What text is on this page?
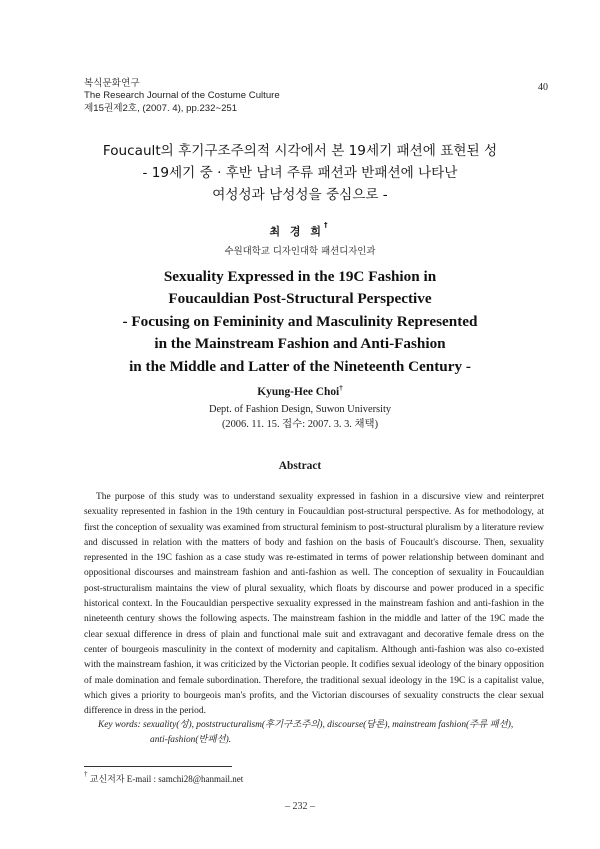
복식문화연구
The Research Journal of the Costume Culture
제15권제2호, (2007. 4), pp.232~251
40
Foucault의 후기구조주의적 시각에서 본 19세기 패션에 표현된 성
- 19세기 중 · 후반 남녀 주류 패션과 반패션에 나타난
여성성과 남성성을 중심으로 -
최 경 희†
수원대학교 디자인대학 패션디자인과
Sexuality Expressed in the 19C Fashion in
Foucauldian Post-Structural Perspective
- Focusing on Femininity and Masculinity Represented
in the Mainstream Fashion and Anti-Fashion
in the Middle and Latter of the Nineteenth Century -
Kyung-Hee Choi†
Dept. of Fashion Design, Suwon University
(2006. 11. 15. 접수: 2007. 3. 3. 채택)
Abstract

The purpose of this study was to understand sexuality expressed in fashion in a discursive view and reinterpret sexuality represented in fashion in the 19th century in Foucauldian post-structural perspective. As for methodology, at first the conception of sexuality was examined from structural feminism to post-structural pluralism by a literature review and discussed in relation with the matters of body and fashion on the basis of Foucault's discourse. Then, sexuality represented in the 19C fashion as a case study was re-estimated in terms of power relationship between dominant and oppositional discourses and mainstream fashion and anti-fashion as well. The conception of sexuality in Foucauldian post-structuralism maintains the view of plural sexuality, which floats by discourse and power produced in a specific historical context. In the Foucauldian perspective sexuality expressed in the mainstream fashion and anti-fashion in the nineteenth century shows the following aspects. The mainstream fashion in the middle and latter of the 19C made the clear sexual difference in dress of plain and functional male suit and extravagant and decorative female dress on the center of bourgeois masculinity in the context of modernity and capitalism. Although anti-fashion was also co-existed with the mainstream fashion, it was criticized by the Victorian people. It codifies sexual ideology of the binary opposition of male domination and female subordination. Therefore, the traditional sexual ideology in the 19C is a capitalist value, which gives a priority to bourgeois man's profits, and the Victorian discourses of sexuality constructs the clear sexual difference in dress in the period.

Key words: sexuality(성), poststructuralism(후기구조주의), discourse(담론), mainstream fashion(주류 패션),
anti-fashion(반패션).
† 교신저자 E-mail : samchi28@hanmail.net
– 232 –
